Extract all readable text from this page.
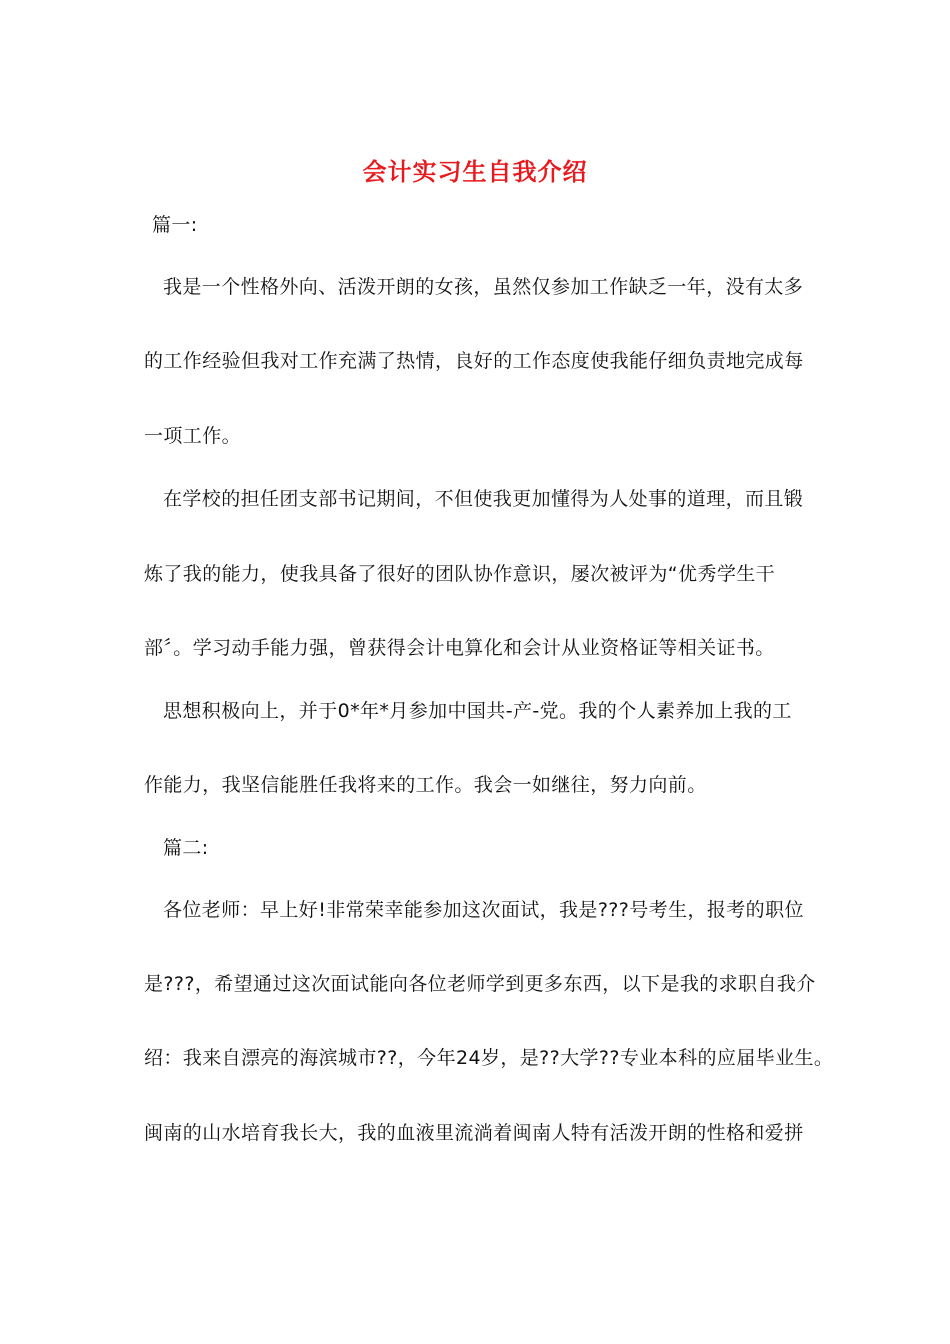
会计实习生自我介绍
篇一:
我是一个性格外向、活泼开朗的女孩，虽然仅参加工作缺乏一年，没有太多
的工作经验但我对工作充满了热情，良好的工作态度使我能仔细负责地完成每
一项工作。
在学校的担任团支部书记期间，不但使我更加懂得为人处事的道理，而且锻
炼了我的能力，使我具备了很好的团队协作意识，屡次被评为“优秀学生干
部〞。学习动手能力强，曾获得会计电算化和会计从业资格证等相关证书。
思想积极向上，并于0*年*月参加中国共-产-党。我的个人素养加上我的工
作能力，我坚信能胜任我将来的工作。我会一如继往，努力向前。
篇二:
各位老师：早上好!非常荣幸能参加这次面试，我是???号考生，报考的职位
是???，希望通过这次面试能向各位老师学到更多东西，以下是我的求职自我介
绍：我来自漂亮的海滨城市??，今年24岁，是??大学??专业本科的应届毕业生。
闽南的山水培育我长大，我的血液里流淌着闽南人特有活泼开朗的性格和爱拼
